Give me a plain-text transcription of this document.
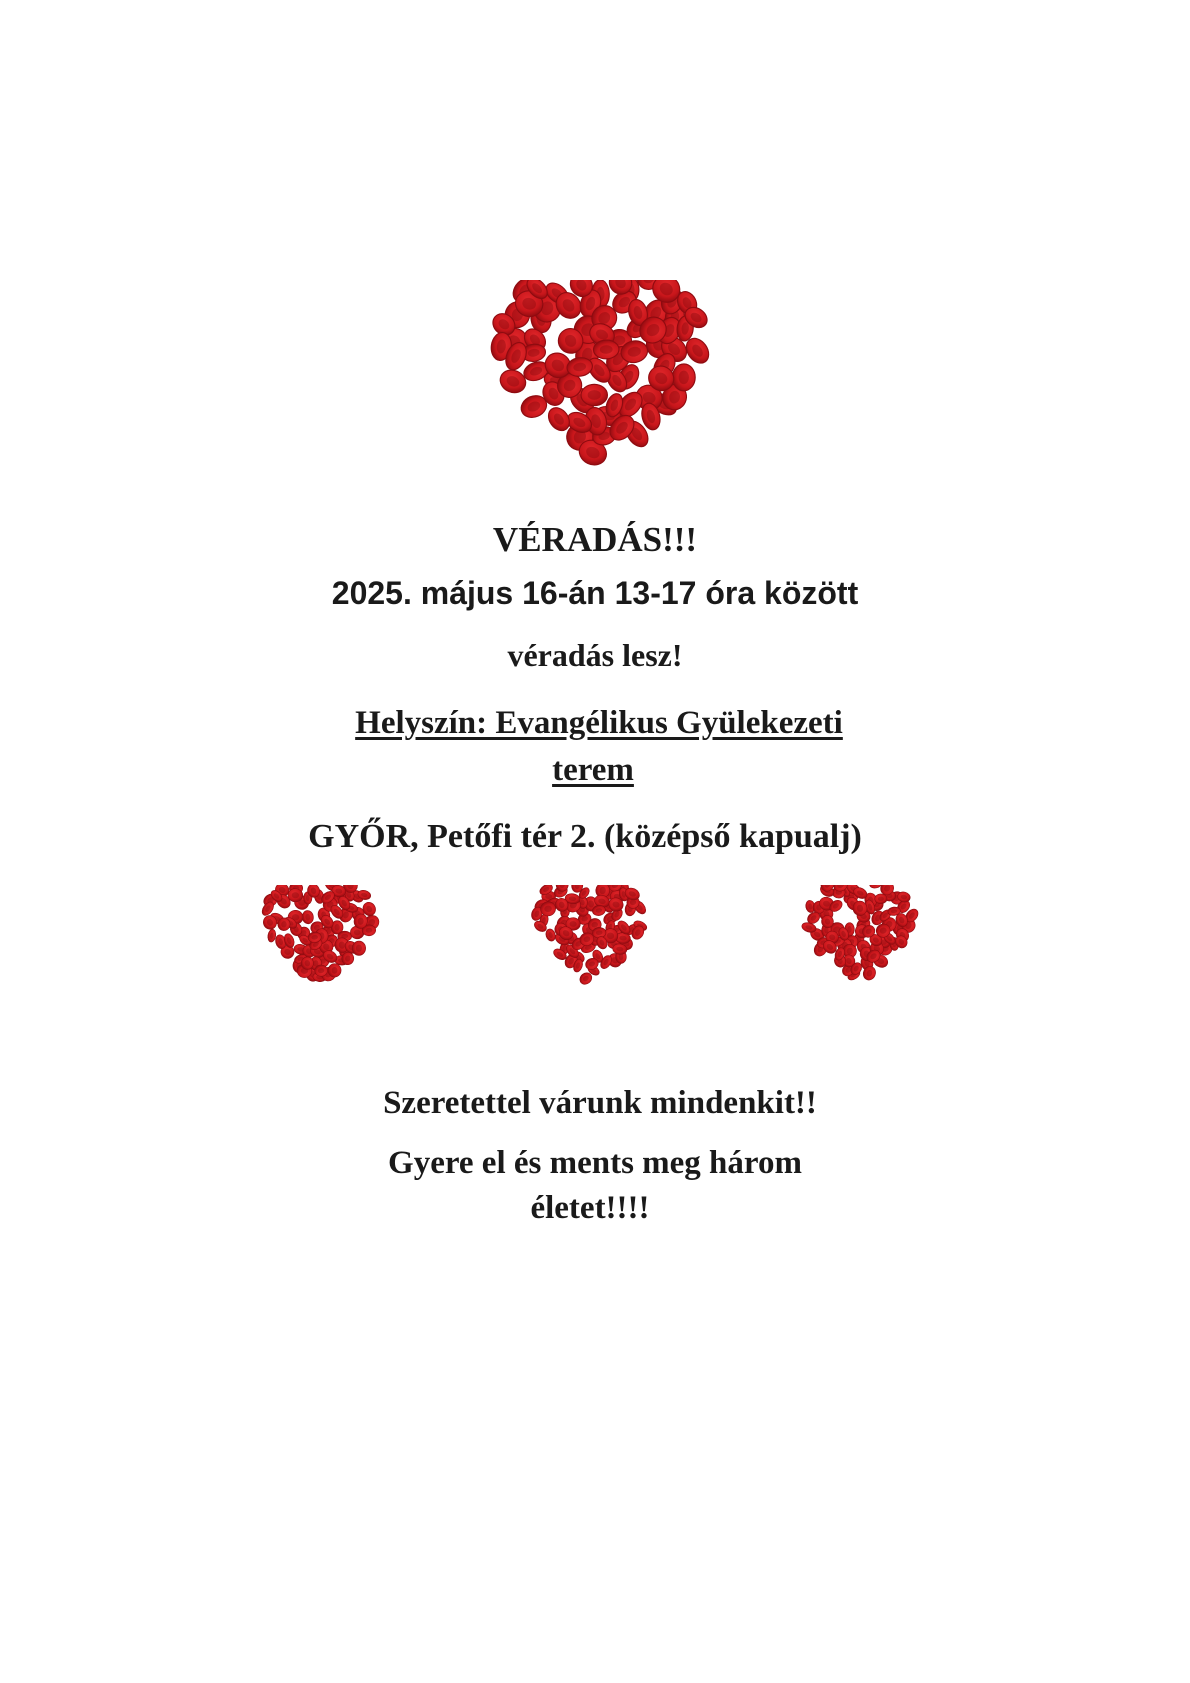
VÉRADÁS!!!
2025. május 16-án 13-17 óra között
véradás lesz!
Helyszín: Evangélikus Gyülekezeti
terem
GYŐR, Petőfi tér 2. (középső kapualj)
Szeretettel várunk mindenkit!!
Gyere el és ments meg három
életet!!!!
